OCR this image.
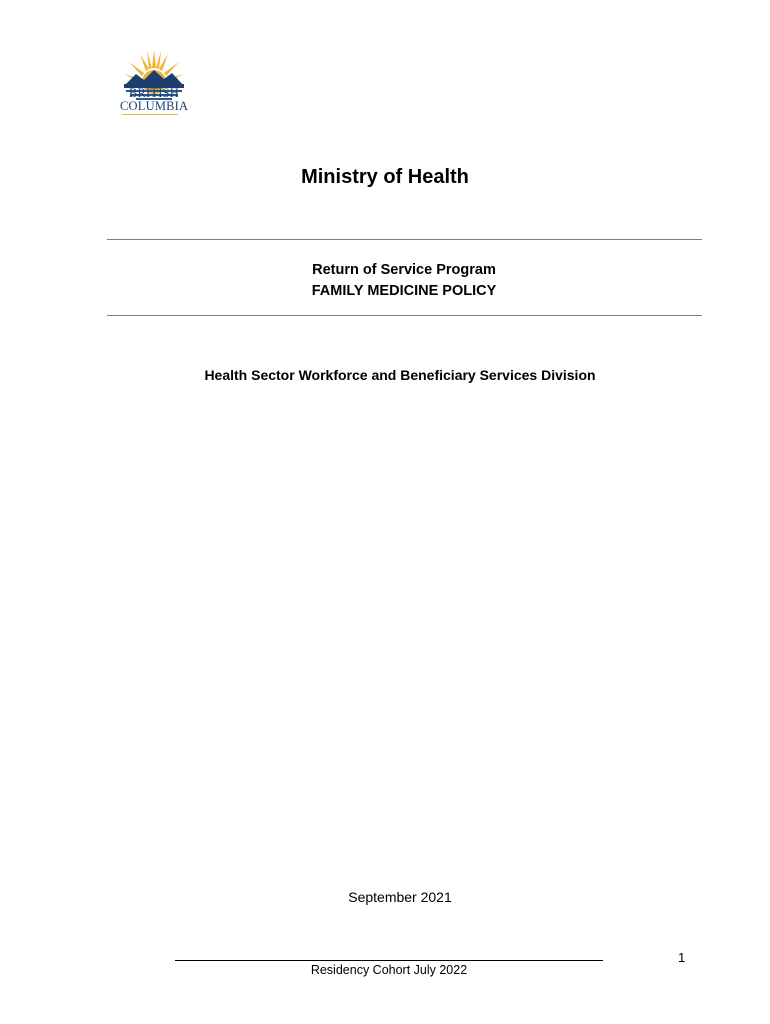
BRITISH
COLUMBIA
Ministry of Health
Return of Service Program
FAMILY MEDICINE POLICY
Health Sector Workforce and Beneficiary Services Division
September 2021
Residency Cohort July 2022
1
